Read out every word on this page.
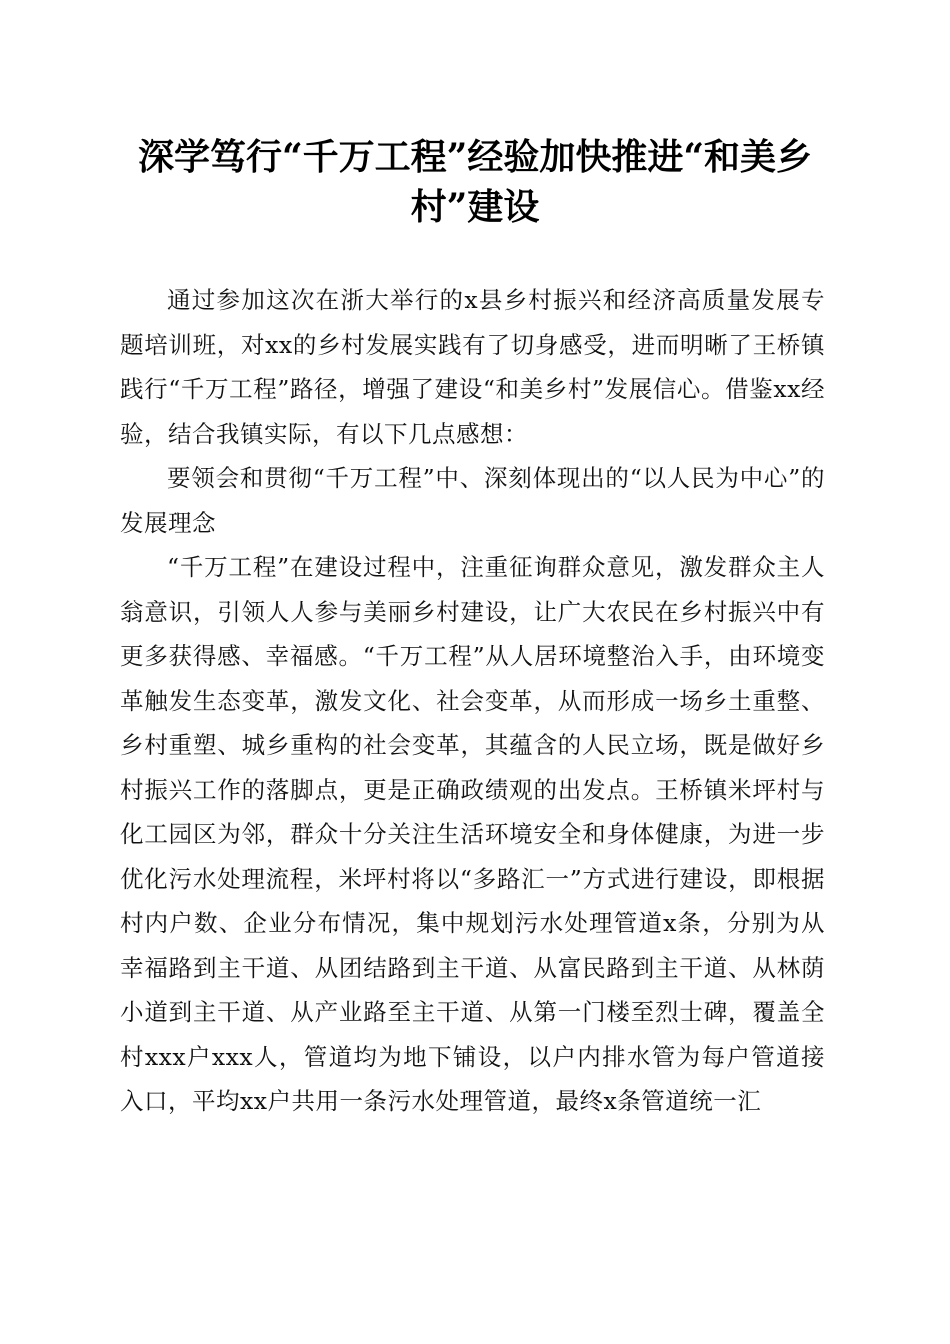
深学笃行“千万工程”经验加快推进“和美乡村”建设

通过参加这次在浙大举行的x县乡村振兴和经济高质量发展专题培训班，对xx的乡村发展实践有了切身感受，进而明晰了王桥镇践行“千万工程”路径，增强了建设“和美乡村”发展信心。借鉴xx经验，结合我镇实际，有以下几点感想：

要领会和贯彻“千万工程”中、深刻体现出的“以人民为中心”的发展理念

“千万工程”在建设过程中，注重征询群众意见，激发群众主人翁意识，引领人人参与美丽乡村建设，让广大农民在乡村振兴中有更多获得感、幸福感。“千万工程”从人居环境整治入手，由环境变革触发生态变革，激发文化、社会变革，从而形成一场乡土重整、乡村重塑、城乡重构的社会变革，其蕴含的人民立场，既是做好乡村振兴工作的落脚点，更是正确政绩观的出发点。王桥镇米坪村与化工园区为邻，群众十分关注生活环境安全和身体健康，为进一步优化污水处理流程，米坪村将以“多路汇一”方式进行建设，即根据村内户数、企业分布情况，集中规划污水处理管道x条，分别为从幸福路到主干道、从团结路到主干道、从富民路到主干道、从林荫小道到主干道、从产业路至主干道、从第一门楼至烈士碑，覆盖全村xxx户xxx人，管道均为地下铺设，以户内排水管为每户管道接入口，平均xx户共用一条污水处理管道，最终x条管道统一汇
